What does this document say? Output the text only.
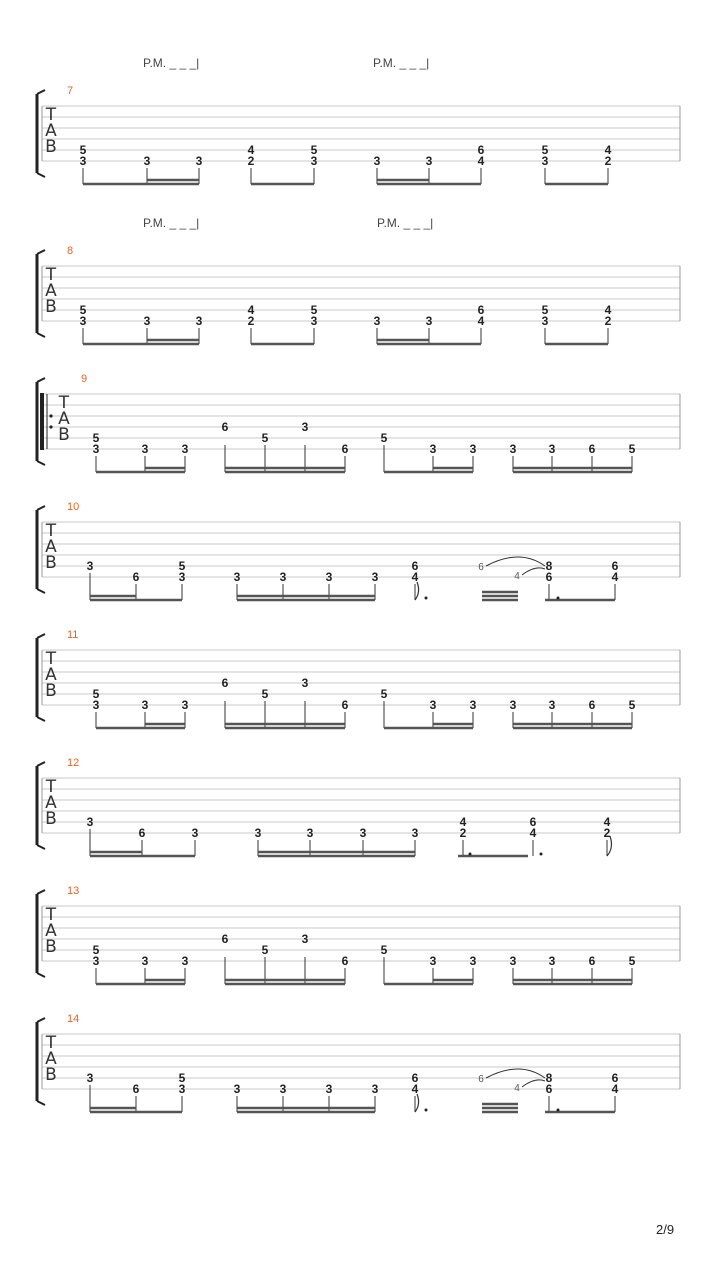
T
A
B
7
P.M. _ _ _|	P.M. _ _ _|
5
3	3	3
4
2
5
3	3	3
6
4
5
3
4
2
T
A
B
8
P.M. _ _ _|	P.M. _ _ _|
5
3	3	3
4
2
5
3	3	3
6
4
5
3
4
2
T
A
B
9
5
3	3	3
6
5
3
6
5
3	3	3	3	6	5
T
A
B
10
3
6
5
3	3	3	3	3
6
4
8
6
6
4
6
4
T
A
B
11
5
3	3	3
6
5
3
6
5
3	3	3	3	6	5
T
A
B
12
3
6	3	3	3	3	3
4
2
6
4
4
2
T
A
B
13
5
3	3	3
6
5
3
6
5
3	3	3	3	6	5
T
A
B
14
3
6
5
3	3	3	3	3
6
4
8
6
6
4
6
4
2/9
